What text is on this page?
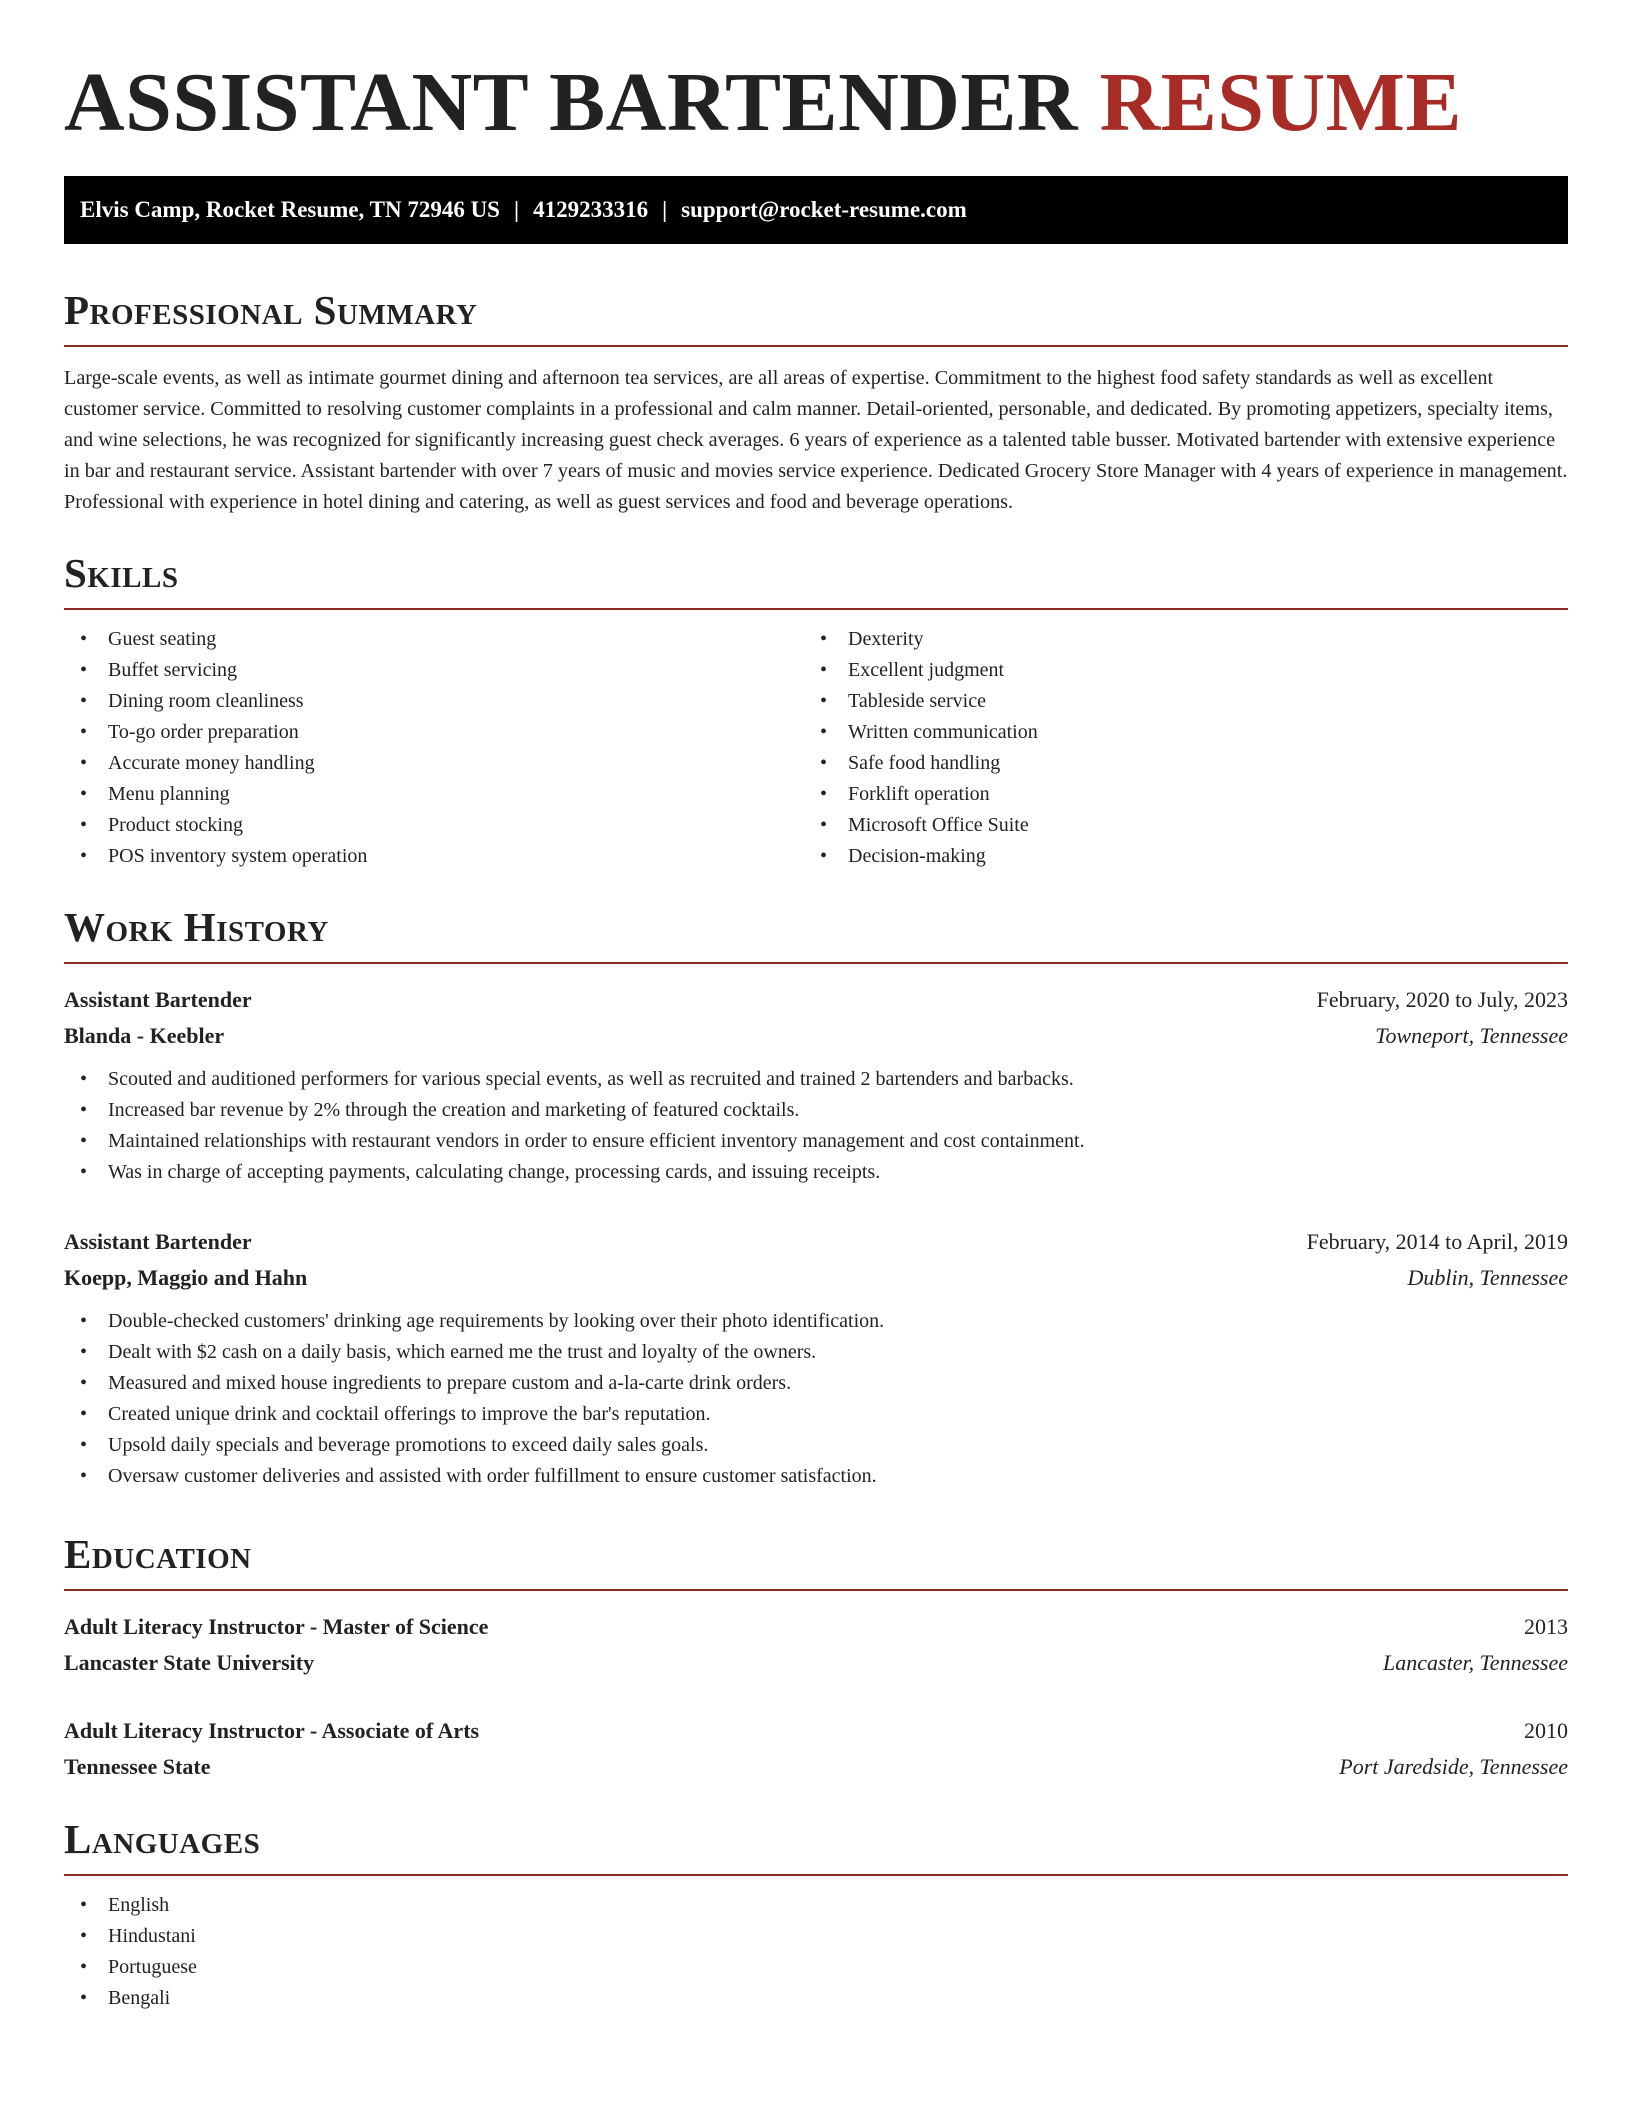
ASSISTANT BARTENDER RESUME
Elvis Camp, Rocket Resume, TN 72946 US | 4129233316 | support@rocket-resume.com
Professional Summary

Large-scale events, as well as intimate gourmet dining and afternoon tea services, are all areas of expertise. Commitment to the highest food safety standards as well as excellent customer service. Committed to resolving customer complaints in a professional and calm manner. Detail-oriented, personable, and dedicated. By promoting appetizers, specialty items, and wine selections, he was recognized for significantly increasing guest check averages. 6 years of experience as a talented table busser. Motivated bartender with extensive experience in bar and restaurant service. Assistant bartender with over 7 years of music and movies service experience. Dedicated Grocery Store Manager with 4 years of experience in management. Professional with experience in hotel dining and catering, as well as guest services and food and beverage operations.

Skills
• Guest seating
• Buffet servicing
• Dining room cleanliness
• To-go order preparation
• Accurate money handling
• Menu planning
• Product stocking
• POS inventory system operation
• Dexterity
• Excellent judgment
• Tableside service
• Written communication
• Safe food handling
• Forklift operation
• Microsoft Office Suite
• Decision-making
Work History
Assistant Bartender	February, 2020 to July, 2023
Blanda - Keebler	Towneport, Tennessee
• Scouted and auditioned performers for various special events, as well as recruited and trained 2 bartenders and barbacks.
• Increased bar revenue by 2% through the creation and marketing of featured cocktails.
• Maintained relationships with restaurant vendors in order to ensure efficient inventory management and cost containment.
• Was in charge of accepting payments, calculating change, processing cards, and issuing receipts.
Assistant Bartender	February, 2014 to April, 2019
Koepp, Maggio and Hahn	Dublin, Tennessee
• Double-checked customers' drinking age requirements by looking over their photo identification.
• Dealt with $2 cash on a daily basis, which earned me the trust and loyalty of the owners.
• Measured and mixed house ingredients to prepare custom and a-la-carte drink orders.
• Created unique drink and cocktail offerings to improve the bar's reputation.
• Upsold daily specials and beverage promotions to exceed daily sales goals.
• Oversaw customer deliveries and assisted with order fulfillment to ensure customer satisfaction.
Education
Adult Literacy Instructor - Master of Science	2013
Lancaster State University	Lancaster, Tennessee
Adult Literacy Instructor - Associate of Arts	2010
Tennessee State	Port Jaredside, Tennessee
Languages
• English
• Hindustani
• Portuguese
• Bengali
